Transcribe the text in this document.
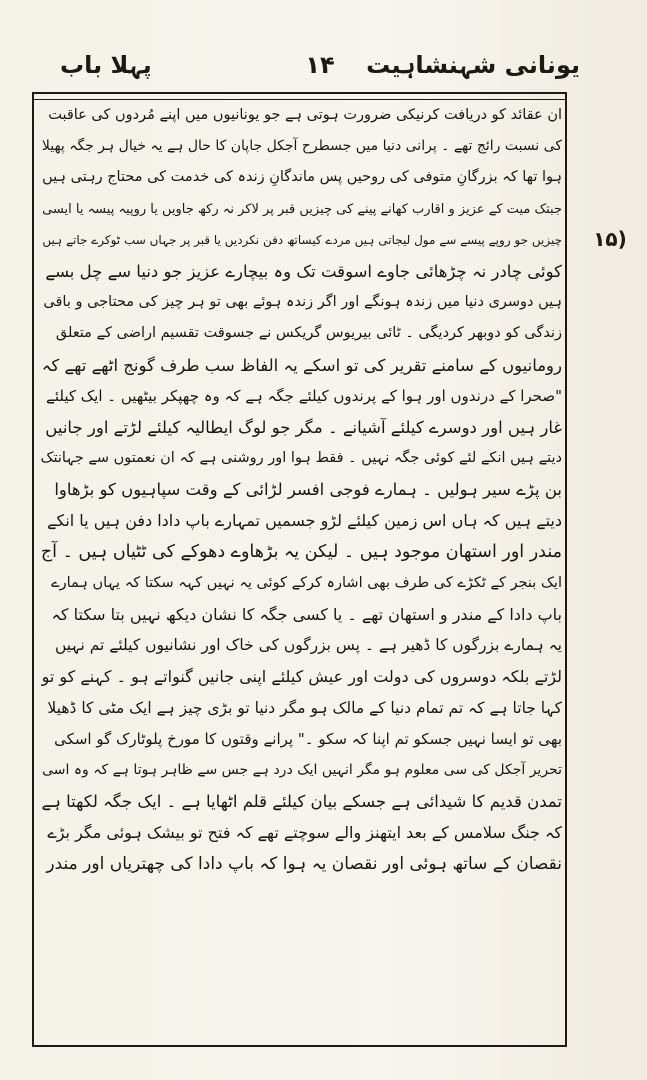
یونانی شہنشاہیت
۱۴
پہلا باب
(۱۵

ان عقائد کو دریافت کرنیکی ضرورت ہوتی ہے جو یونانیوں میں اپنے مُردوں کی عاقبت

کی نسبت رائج تھے ۔ پرانی دنیا میں جسطرح آجکل جاپان کا حال ہے یہ خیال ہر جگہ پھیلا

ہوا تھا کہ بزرگانِ متوفی کی روحیں پس ماندگانِ زندہ کی خدمت کی محتاج رہتی ہیں

جبتک میت کے عزیز و اقارب کھانے پینے کی چیزیں قبر پر لاکر نہ رکھ جاویں یا روپیہ پیسہ یا ایسی

چیزیں جو روپے پیسے سے مول لیجاتی ہیں مردے کیساتھ دفن نکردیں یا قبر پر جہاں سب ٹوکرے جاتے ہیں

کوئی چادر نہ چڑھائی جاوے اسوقت تک وہ بیچارے عزیز جو دنیا سے چل بسے

ہیں دوسری دنیا میں زندہ ہونگے اور اگر زندہ ہوئے بھی تو ہر چیز کی محتاجی و باقی

زندگی کو دوبھر کردیگی ۔ ٹائی بیریوس گریکس نے جسوقت تقسیم اراضی کے متعلق

رومانیوں کے سامنے تقریر کی تو اسکے یہ الفاظ سب طرف گونج اٹھے تھے کہ

"صحرا کے درندوں اور ہوا کے پرندوں کیلئے جگہ ہے کہ وہ چھپکر بیٹھیں ۔ ایک کیلئے

غار ہیں اور دوسرے کیلئے آشیانے ۔ مگر جو لوگ ایطالیہ کیلئے لڑتے اور جانیں

دیتے ہیں انکے لئے کوئی جگہ نہیں ۔ فقط ہوا اور روشنی ہے کہ ان نعمتوں سے جہانتک

بن پڑے سیر ہولیں ۔ ہمارے فوجی افسر لڑائی کے وقت سپاہیوں کو بڑھاوا

دیتے ہیں کہ ہاں اس زمین کیلئے لڑو جسمیں تمہارے باپ دادا دفن ہیں یا انکے

مندر اور استھان موجود ہیں ۔ لیکن یہ بڑھاوے دھوکے کی ٹٹیاں ہیں ۔ آج

ایک بنجر کے ٹکڑے کی طرف بھی اشارہ کرکے کوئی یہ نہیں کہہ سکتا کہ یہاں ہمارے

باپ دادا کے مندر و استھان تھے ۔ یا کسی جگہ کا نشان دیکھ نہیں بتا سکتا کہ

یہ ہمارے بزرگوں کا ڈھیر ہے ۔ پس بزرگوں کی خاک اور نشانیوں کیلئے تم نہیں

لڑتے بلکہ دوسروں کی دولت اور عیش کیلئے اپنی جانیں گنواتے ہو ۔ کہنے کو تو

کہا جاتا ہے کہ تم تمام دنیا کے مالک ہو مگر دنیا تو بڑی چیز ہے ایک مٹی کا ڈھیلا

بھی تو ایسا نہیں جسکو تم اپنا کہ سکو ۔" پرانے وقتوں کا مورخ پلوٹارک گو اسکی

تحریر آجکل کی سی معلوم ہو مگر انہیں ایک درد ہے جس سے ظاہر ہوتا ہے کہ وہ اسی

تمدن قدیم کا شیدائی ہے جسکے بیان کیلئے قلم اٹھایا ہے ۔ ایک جگہ لکھتا ہے

کہ جنگ سلامس کے بعد ایتھنز والے سوچتے تھے کہ فتح تو بیشک ہوئی مگر بڑے

نقصان کے ساتھ ہوئی اور نقصان یہ ہوا کہ باپ دادا کی چھتریاں اور مندر
